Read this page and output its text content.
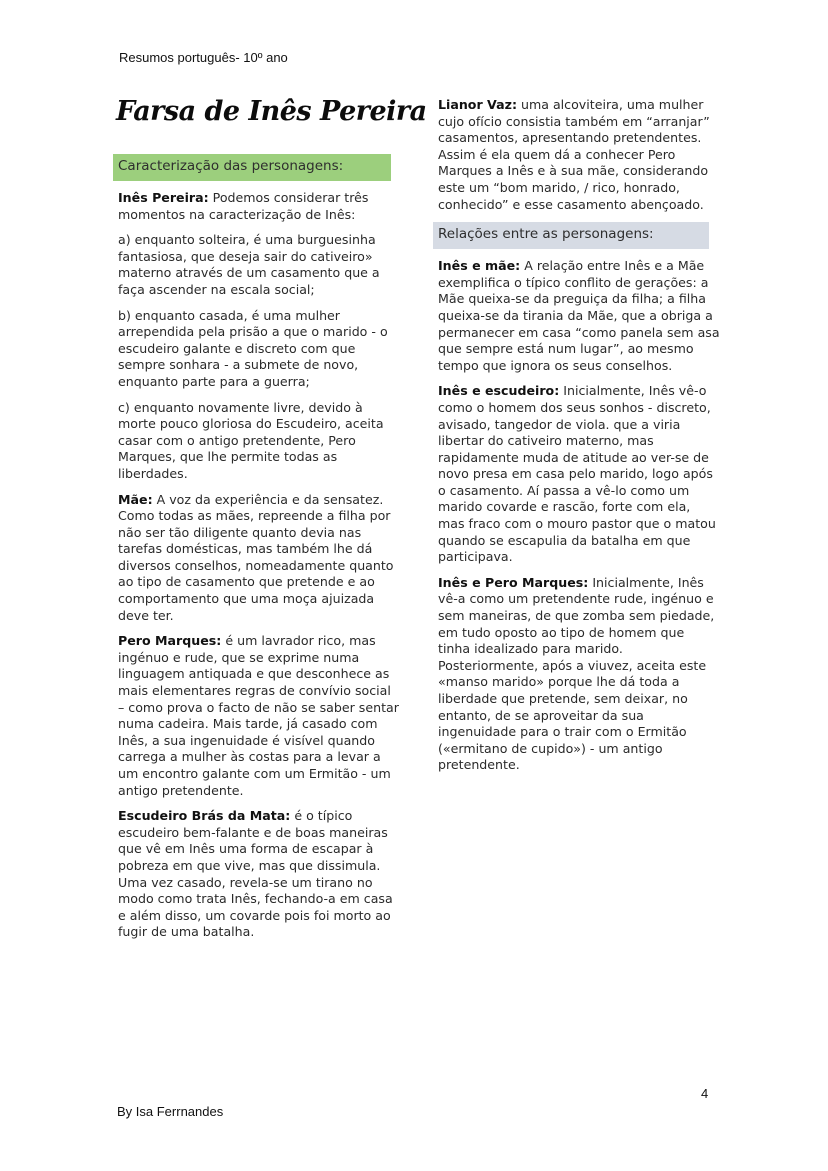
Resumos português- 10º ano
Farsa de Inês Pereira
Caracterização das personagens:

Inês Pereira: Podemos considerar três momentos na caracterização de Inês:

a) enquanto solteira, é uma burguesinha fantasiosa, que deseja sair do cativeiro» materno através de um casamento que a faça ascender na escala social;

b) enquanto casada, é uma mulher arrependida pela prisão a que o marido - o escudeiro galante e discreto com que sempre sonhara - a submete de novo, enquanto parte para a guerra;

c) enquanto novamente livre, devido à morte pouco gloriosa do Escudeiro, aceita casar com o antigo pretendente, Pero Marques, que lhe permite todas as liberdades.

Mãe: A voz da experiência e da sensatez. Como todas as mães, repreende a filha por não ser tão diligente quanto devia nas tarefas domésticas, mas também lhe dá diversos conselhos, nomeadamente quanto ao tipo de casamento que pretende e ao comportamento que uma moça ajuizada deve ter.

Pero Marques: é um lavrador rico, mas ingénuo e rude, que se exprime numa linguagem antiquada e que desconhece as mais elementares regras de convívio social – como prova o facto de não se saber sentar numa cadeira. Mais tarde, já casado com Inês, a sua ingenuidade é visível quando carrega a mulher às costas para a levar a um encontro galante com um Ermitão - um antigo pretendente.

Escudeiro Brás da Mata: é o típico escudeiro bem-falante e de boas maneiras que vê em Inês uma forma de escapar à pobreza em que vive, mas que dissimula. Uma vez casado, revela-se um tirano no modo como trata Inês, fechando-a em casa e além disso, um covarde pois foi morto ao fugir de uma batalha.

Lianor Vaz: uma alcoviteira, uma mulher cujo ofício consistia também em “arranjar” casamentos, apresentando pretendentes. Assim é ela quem dá a conhecer Pero Marques a Inês e à sua mãe, considerando este um “bom marido, / rico, honrado, conhecido” e esse casamento abençoado.

Relações entre as personagens:

Inês e mãe: A relação entre Inês e a Mãe exemplifica o típico conflito de gerações: a Mãe queixa-se da preguiça da filha; a filha queixa-se da tirania da Mãe, que a obriga a permanecer em casa “como panela sem asa que sempre está num lugar”, ao mesmo tempo que ignora os seus conselhos.

Inês e escudeiro: Inicialmente, Inês vê-o como o homem dos seus sonhos - discreto, avisado, tangedor de viola. que a viria libertar do cativeiro materno, mas rapidamente muda de atitude ao ver-se de novo presa em casa pelo marido, logo após o casamento. Aí passa a vê-lo como um marido covarde e rascão, forte com ela, mas fraco com o mouro pastor que o matou quando se escapulia da batalha em que participava.

Inês e Pero Marques: Inicialmente, Inês vê-a como um pretendente rude, ingénuo e sem maneiras, de que zomba sem piedade, em tudo oposto ao tipo de homem que tinha idealizado para marido. Posteriormente, após a viuvez, aceita este «manso marido» porque lhe dá toda a liberdade que pretende, sem deixar, no entanto, de se aproveitar da sua ingenuidade para o trair com o Ermitão («ermitano de cupido») - um antigo pretendente.

4
By Isa Ferrnandes
